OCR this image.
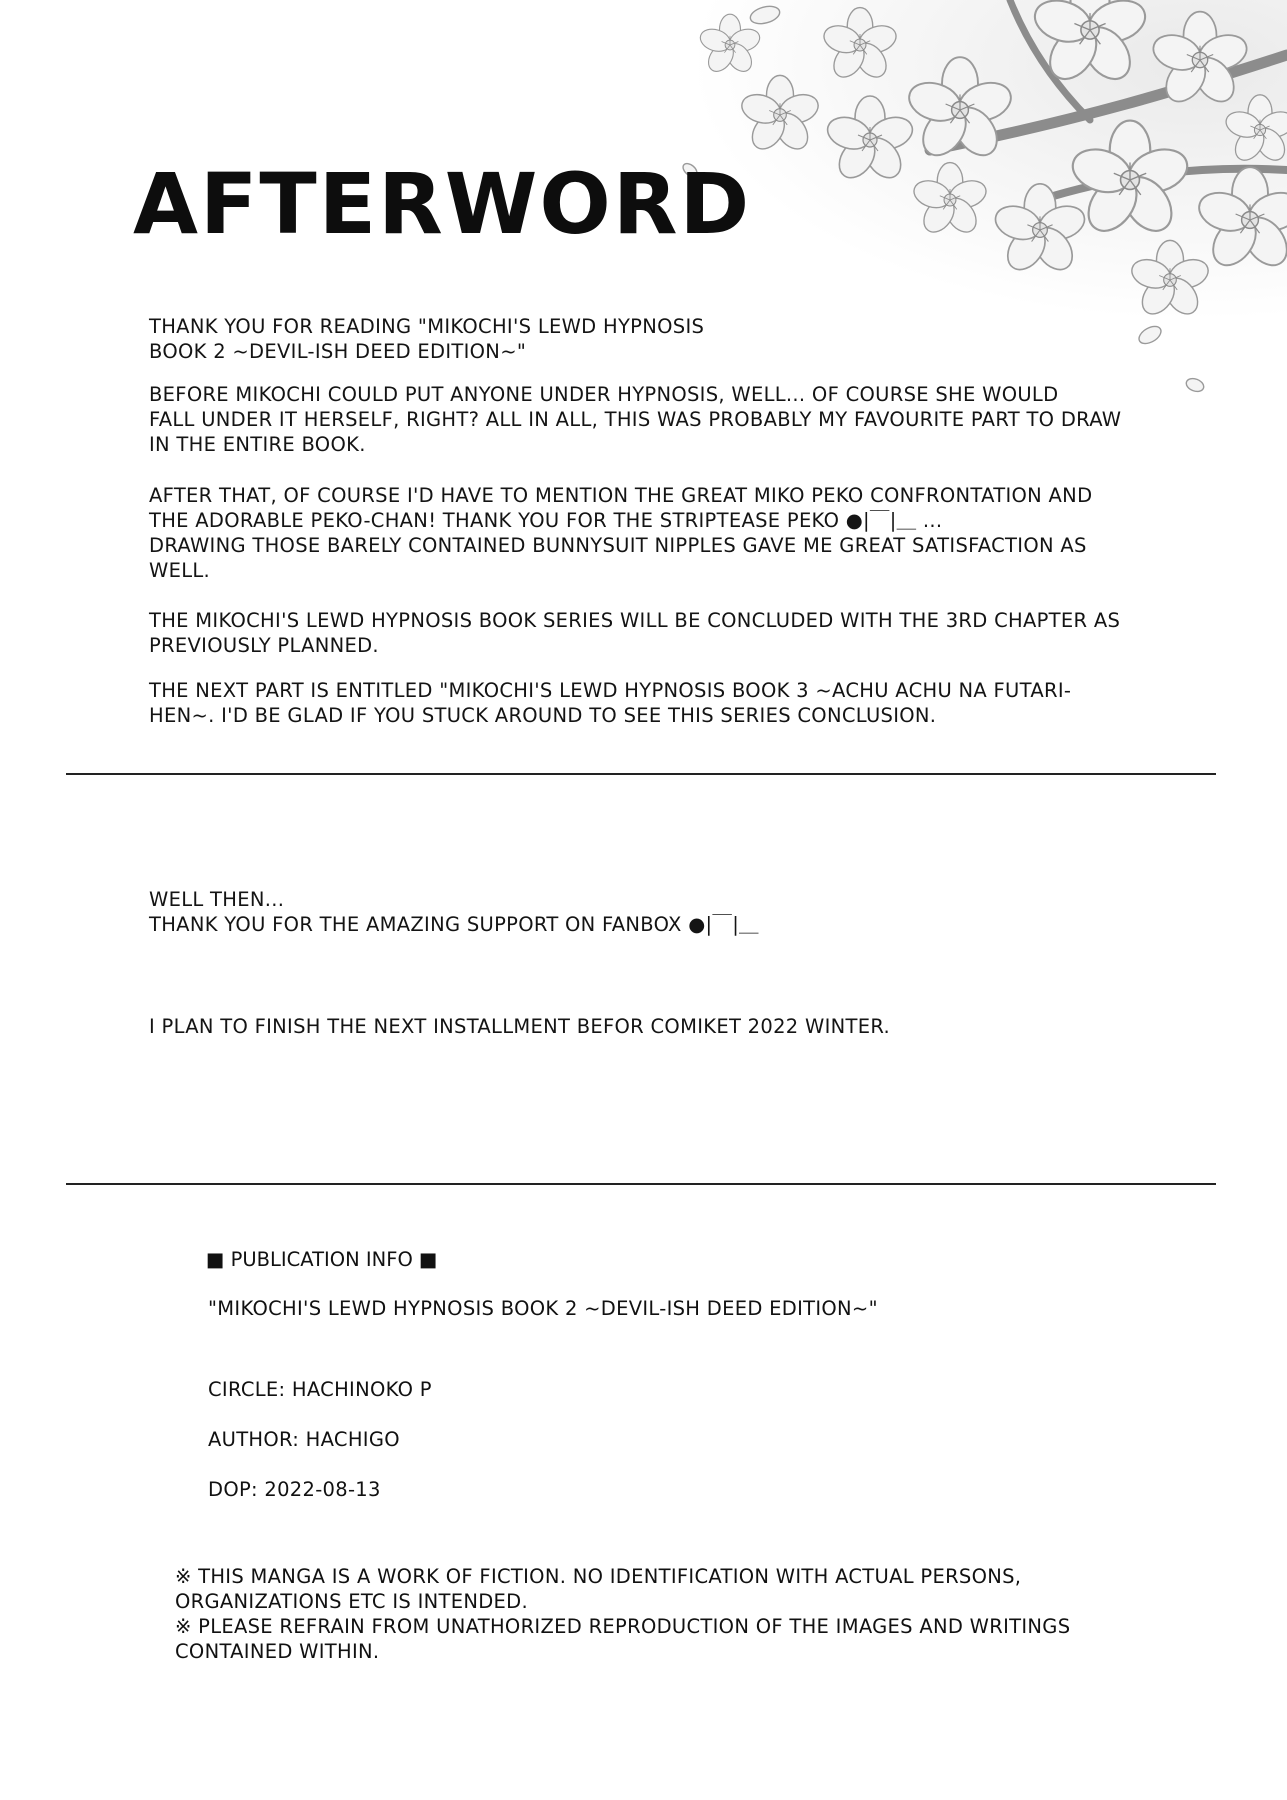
AFTERWORD

THANK YOU FOR READING "MIKOCHI'S LEWD HYPNOSIS
BOOK 2 ~DEVIL-ISH DEED EDITION~"

BEFORE MIKOCHI COULD PUT ANYONE UNDER HYPNOSIS, WELL... OF COURSE SHE WOULD
FALL UNDER IT HERSELF, RIGHT? ALL IN ALL, THIS WAS PROBABLY MY FAVOURITE PART TO DRAW
IN THE ENTIRE BOOK.

AFTER THAT, OF COURSE I'D HAVE TO MENTION THE GREAT MIKO PEKO CONFRONTATION AND
THE ADORABLE PEKO-CHAN! THANK YOU FOR THE STRIPTEASE PEKO ●|￣|＿ ...
DRAWING THOSE BARELY CONTAINED BUNNYSUIT NIPPLES GAVE ME GREAT SATISFACTION AS
WELL.

THE MIKOCHI'S LEWD HYPNOSIS BOOK SERIES WILL BE CONCLUDED WITH THE 3RD CHAPTER AS
PREVIOUSLY PLANNED.

THE NEXT PART IS ENTITLED "MIKOCHI'S LEWD HYPNOSIS BOOK 3 ~ACHU ACHU NA FUTARI-
HEN~. I'D BE GLAD IF YOU STUCK AROUND TO SEE THIS SERIES CONCLUSION.

WELL THEN...
THANK YOU FOR THE AMAZING SUPPORT ON FANBOX ●|￣|＿

I PLAN TO FINISH THE NEXT INSTALLMENT BEFOR COMIKET 2022 WINTER.

■ PUBLICATION INFO ■

"MIKOCHI'S LEWD HYPNOSIS BOOK 2 ~DEVIL-ISH DEED EDITION~"

CIRCLE: HACHINOKO P

AUTHOR: HACHIGO

DOP: 2022-08-13

※ THIS MANGA IS A WORK OF FICTION. NO IDENTIFICATION WITH ACTUAL PERSONS,
ORGANIZATIONS ETC IS INTENDED.
※ PLEASE REFRAIN FROM UNATHORIZED REPRODUCTION OF THE IMAGES AND WRITINGS
CONTAINED WITHIN.
